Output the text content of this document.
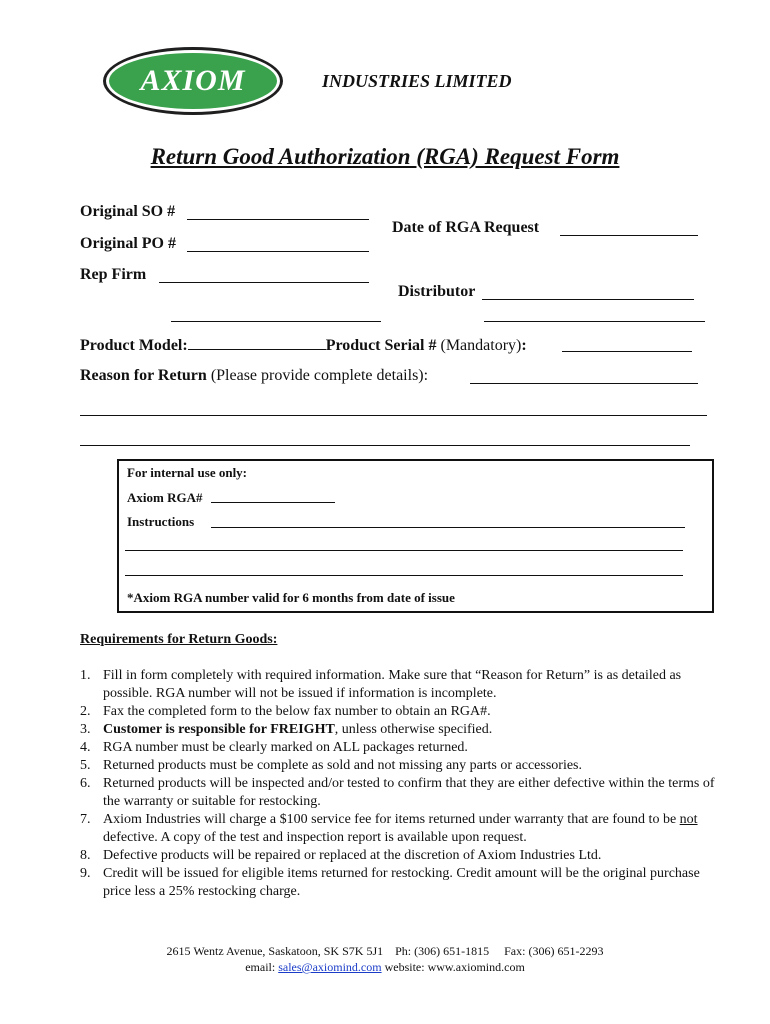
AXIOM	INDUSTRIES LIMITED
Return Good Authorization (RGA) Request Form
Original SO #
Date of RGA Request
Original PO #
Rep Firm
Distributor
Product Model:	Product Serial # (Mandatory):
Reason for Return (Please provide complete details):
For internal use only:
Axiom RGA#
Instructions
*Axiom RGA number valid for 6 months from date of issue
Requirements for Return Goods:
1. Fill in form completely with required information. Make sure that “Reason for Return” is as detailed as possible. RGA number will not be issued if information is incomplete.
2. Fax the completed form to the below fax number to obtain an RGA#.
3. Customer is responsible for FREIGHT, unless otherwise specified.
4. RGA number must be clearly marked on ALL packages returned.
5. Returned products must be complete as sold and not missing any parts or accessories.
6. Returned products will be inspected and/or tested to confirm that they are either defective within the terms of the warranty or suitable for restocking.
7. Axiom Industries will charge a $100 service fee for items returned under warranty that are found to be not defective. A copy of the test and inspection report is available upon request.
8. Defective products will be repaired or replaced at the discretion of Axiom Industries Ltd.
9. Credit will be issued for eligible items returned for restocking. Credit amount will be the original purchase price less a 25% restocking charge.
2615 Wentz Avenue, Saskatoon, SK S7K 5J1 Ph: (306) 651-1815 Fax: (306) 651-2293
email: sales@axiomind.com website: www.axiomind.com
